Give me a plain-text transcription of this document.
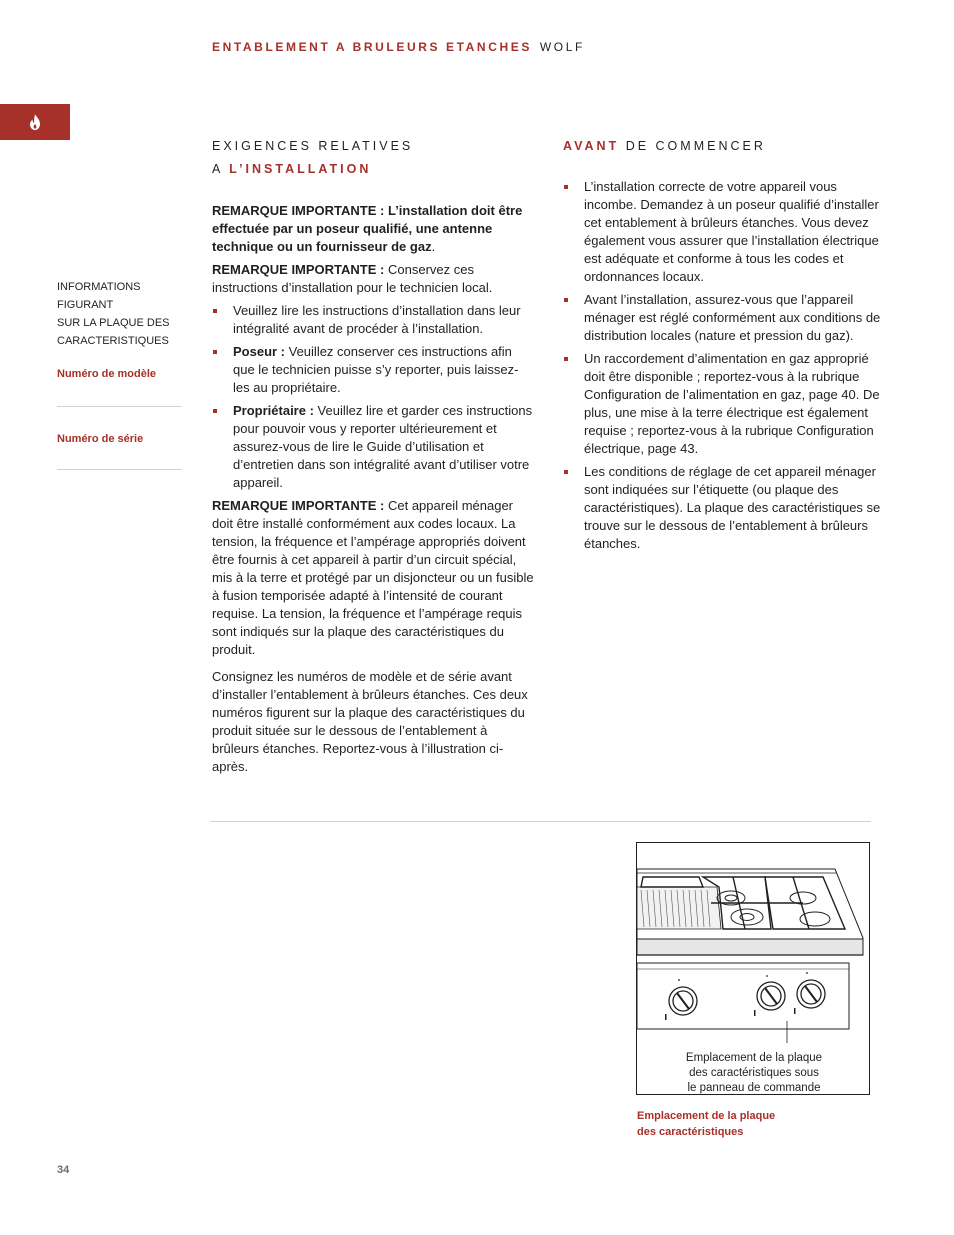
ENTABLEMENT A BRULEURS ETANCHES WOLF
INFORMATIONS
FIGURANT
SUR LA PLAQUE DES
CARACTERISTIQUES
Numéro de modèle
Numéro de série
EXIGENCES RELATIVES
A L’INSTALLATION

REMARQUE IMPORTANTE : L’installation doit être effectuée par un poseur qualifié, une antenne technique ou un fournisseur de gaz.

REMARQUE IMPORTANTE : Conservez ces instructions d’installation pour le technicien local.

Veuillez lire les instructions d’installation dans leur intégralité avant de procéder à l’installation.
Poseur : Veuillez conserver ces instructions afin que le technicien puisse s’y reporter, puis laissez-les au propriétaire.
Propriétaire : Veuillez lire et garder ces instructions pour pouvoir vous y reporter ultérieurement et assurez-vous de lire le Guide d’utilisation et d’entretien dans son intégralité avant d’utiliser votre appareil.

REMARQUE IMPORTANTE : Cet appareil ménager doit être installé conformément aux codes locaux. La tension, la fréquence et l’ampérage appropriés doivent être fournis à cet appareil à partir d’un circuit spécial, mis à la terre et protégé par un disjoncteur ou un fusible à fusion temporisée adapté à l’intensité de courant requise. La tension, la fréquence et l’ampérage requis sont indiqués sur la plaque des caractéristiques du produit.

Consignez les numéros de modèle et de série avant d’installer l’entablement à brûleurs étanches. Ces deux numéros figurent sur la plaque des caractéristiques du produit située sur le dessous de l’entablement à brûleurs étanches. Reportez-vous à l’illustration ci-après.

AVANT DE COMMENCER
L’installation correcte de votre appareil vous incombe. Demandez à un poseur qualifié d’installer cet entablement à brûleurs étanches. Vous devez également vous assurer que l’installation électrique est adéquate et conforme à tous les codes et ordonnances locaux.
Avant l’installation, assurez-vous que l’appareil ménager est réglé conformément aux conditions de distribution locales (nature et pression du gaz).
Un raccordement d’alimentation en gaz approprié doit être disponible ; reportez-vous à la rubrique Configuration de l’alimentation en gaz, page 40. De plus, une mise à la terre électrique est également requise ; reportez-vous à la rubrique Configuration électrique, page 43.
Les conditions de réglage de cet appareil ménager sont indiquées sur l’étiquette (ou plaque des caractéristiques). La plaque des caractéristiques se trouve sur le dessous de l’entablement à brûleurs étanches.
Emplacement de la plaque
des caractéristiques sous
le panneau de commande
Emplacement de la plaque
des caractéristiques
34
